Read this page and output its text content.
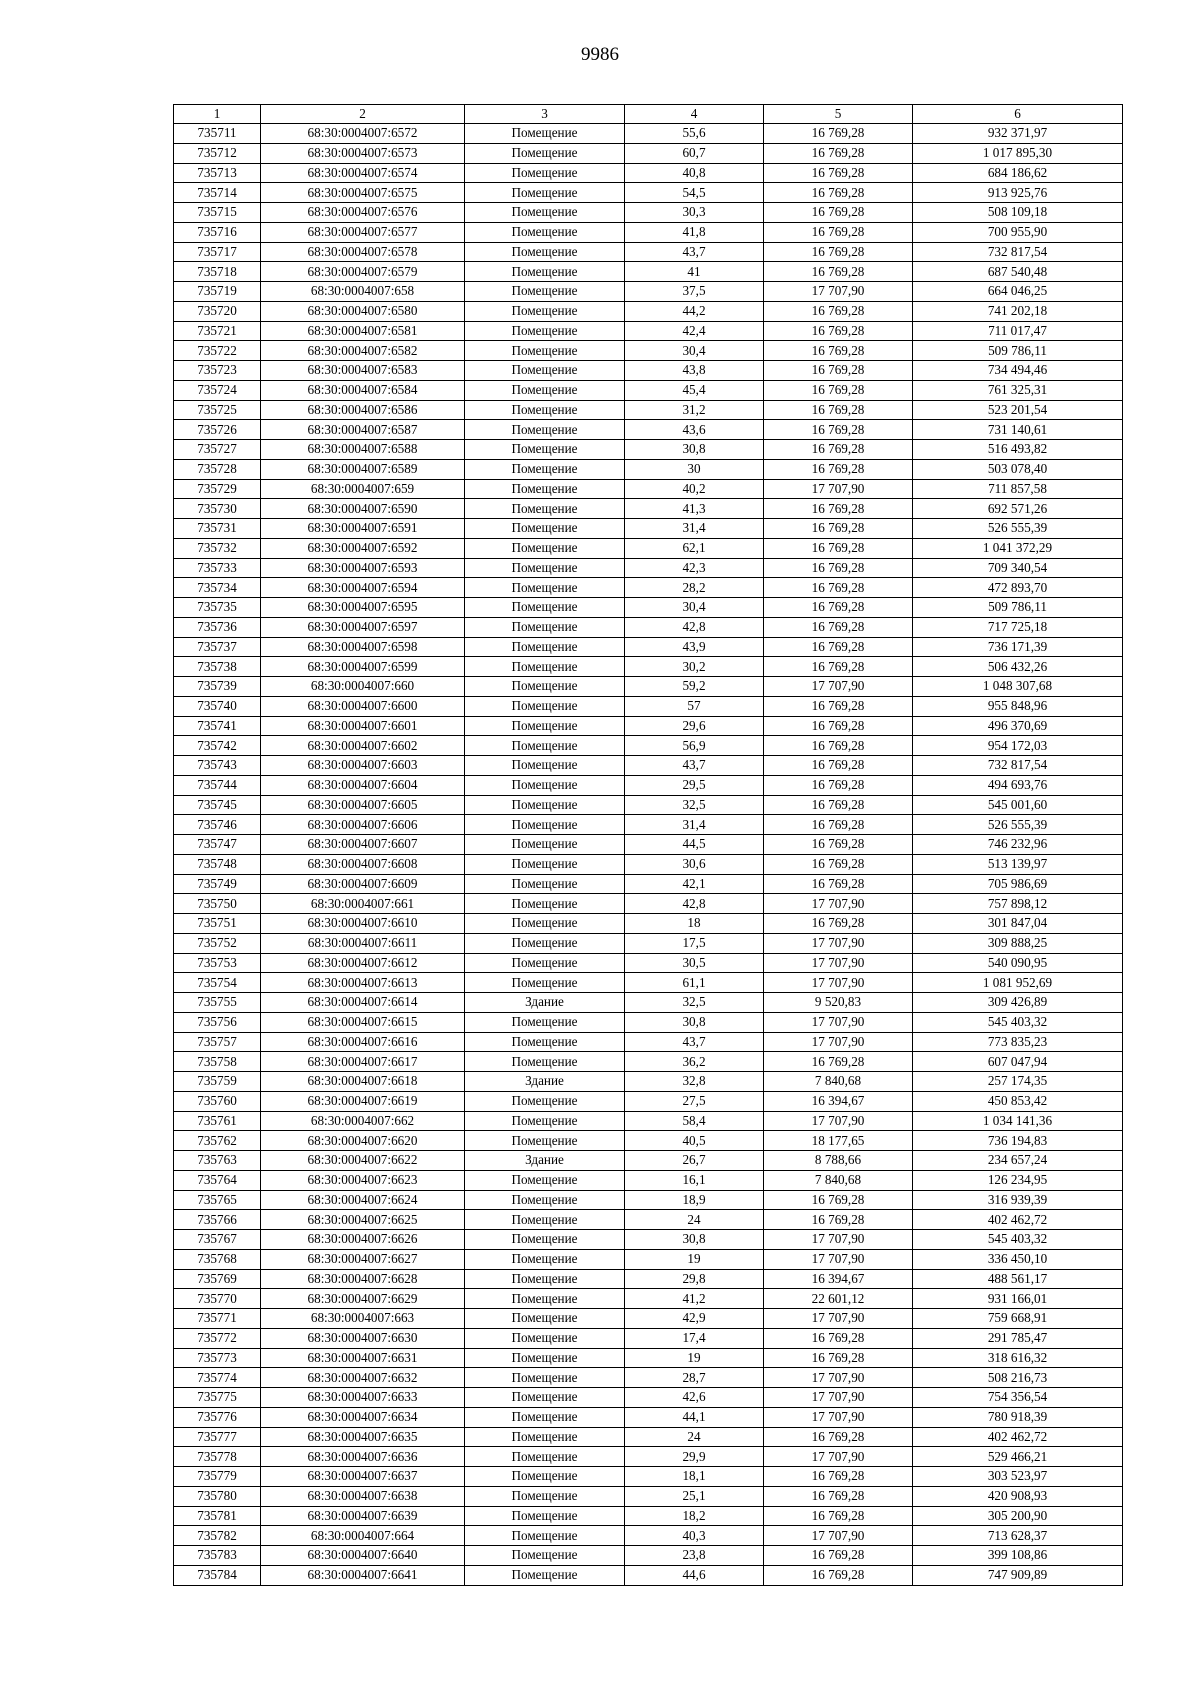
9986
1	2	3	4	5	6
735711	68:30:0004007:6572	Помещение	55,6	16 769,28	932 371,97
735712	68:30:0004007:6573	Помещение	60,7	16 769,28	1 017 895,30
735713	68:30:0004007:6574	Помещение	40,8	16 769,28	684 186,62
735714	68:30:0004007:6575	Помещение	54,5	16 769,28	913 925,76
735715	68:30:0004007:6576	Помещение	30,3	16 769,28	508 109,18
735716	68:30:0004007:6577	Помещение	41,8	16 769,28	700 955,90
735717	68:30:0004007:6578	Помещение	43,7	16 769,28	732 817,54
735718	68:30:0004007:6579	Помещение	41	16 769,28	687 540,48
735719	68:30:0004007:658	Помещение	37,5	17 707,90	664 046,25
735720	68:30:0004007:6580	Помещение	44,2	16 769,28	741 202,18
735721	68:30:0004007:6581	Помещение	42,4	16 769,28	711 017,47
735722	68:30:0004007:6582	Помещение	30,4	16 769,28	509 786,11
735723	68:30:0004007:6583	Помещение	43,8	16 769,28	734 494,46
735724	68:30:0004007:6584	Помещение	45,4	16 769,28	761 325,31
735725	68:30:0004007:6586	Помещение	31,2	16 769,28	523 201,54
735726	68:30:0004007:6587	Помещение	43,6	16 769,28	731 140,61
735727	68:30:0004007:6588	Помещение	30,8	16 769,28	516 493,82
735728	68:30:0004007:6589	Помещение	30	16 769,28	503 078,40
735729	68:30:0004007:659	Помещение	40,2	17 707,90	711 857,58
735730	68:30:0004007:6590	Помещение	41,3	16 769,28	692 571,26
735731	68:30:0004007:6591	Помещение	31,4	16 769,28	526 555,39
735732	68:30:0004007:6592	Помещение	62,1	16 769,28	1 041 372,29
735733	68:30:0004007:6593	Помещение	42,3	16 769,28	709 340,54
735734	68:30:0004007:6594	Помещение	28,2	16 769,28	472 893,70
735735	68:30:0004007:6595	Помещение	30,4	16 769,28	509 786,11
735736	68:30:0004007:6597	Помещение	42,8	16 769,28	717 725,18
735737	68:30:0004007:6598	Помещение	43,9	16 769,28	736 171,39
735738	68:30:0004007:6599	Помещение	30,2	16 769,28	506 432,26
735739	68:30:0004007:660	Помещение	59,2	17 707,90	1 048 307,68
735740	68:30:0004007:6600	Помещение	57	16 769,28	955 848,96
735741	68:30:0004007:6601	Помещение	29,6	16 769,28	496 370,69
735742	68:30:0004007:6602	Помещение	56,9	16 769,28	954 172,03
735743	68:30:0004007:6603	Помещение	43,7	16 769,28	732 817,54
735744	68:30:0004007:6604	Помещение	29,5	16 769,28	494 693,76
735745	68:30:0004007:6605	Помещение	32,5	16 769,28	545 001,60
735746	68:30:0004007:6606	Помещение	31,4	16 769,28	526 555,39
735747	68:30:0004007:6607	Помещение	44,5	16 769,28	746 232,96
735748	68:30:0004007:6608	Помещение	30,6	16 769,28	513 139,97
735749	68:30:0004007:6609	Помещение	42,1	16 769,28	705 986,69
735750	68:30:0004007:661	Помещение	42,8	17 707,90	757 898,12
735751	68:30:0004007:6610	Помещение	18	16 769,28	301 847,04
735752	68:30:0004007:6611	Помещение	17,5	17 707,90	309 888,25
735753	68:30:0004007:6612	Помещение	30,5	17 707,90	540 090,95
735754	68:30:0004007:6613	Помещение	61,1	17 707,90	1 081 952,69
735755	68:30:0004007:6614	Здание	32,5	9 520,83	309 426,89
735756	68:30:0004007:6615	Помещение	30,8	17 707,90	545 403,32
735757	68:30:0004007:6616	Помещение	43,7	17 707,90	773 835,23
735758	68:30:0004007:6617	Помещение	36,2	16 769,28	607 047,94
735759	68:30:0004007:6618	Здание	32,8	7 840,68	257 174,35
735760	68:30:0004007:6619	Помещение	27,5	16 394,67	450 853,42
735761	68:30:0004007:662	Помещение	58,4	17 707,90	1 034 141,36
735762	68:30:0004007:6620	Помещение	40,5	18 177,65	736 194,83
735763	68:30:0004007:6622	Здание	26,7	8 788,66	234 657,24
735764	68:30:0004007:6623	Помещение	16,1	7 840,68	126 234,95
735765	68:30:0004007:6624	Помещение	18,9	16 769,28	316 939,39
735766	68:30:0004007:6625	Помещение	24	16 769,28	402 462,72
735767	68:30:0004007:6626	Помещение	30,8	17 707,90	545 403,32
735768	68:30:0004007:6627	Помещение	19	17 707,90	336 450,10
735769	68:30:0004007:6628	Помещение	29,8	16 394,67	488 561,17
735770	68:30:0004007:6629	Помещение	41,2	22 601,12	931 166,01
735771	68:30:0004007:663	Помещение	42,9	17 707,90	759 668,91
735772	68:30:0004007:6630	Помещение	17,4	16 769,28	291 785,47
735773	68:30:0004007:6631	Помещение	19	16 769,28	318 616,32
735774	68:30:0004007:6632	Помещение	28,7	17 707,90	508 216,73
735775	68:30:0004007:6633	Помещение	42,6	17 707,90	754 356,54
735776	68:30:0004007:6634	Помещение	44,1	17 707,90	780 918,39
735777	68:30:0004007:6635	Помещение	24	16 769,28	402 462,72
735778	68:30:0004007:6636	Помещение	29,9	17 707,90	529 466,21
735779	68:30:0004007:6637	Помещение	18,1	16 769,28	303 523,97
735780	68:30:0004007:6638	Помещение	25,1	16 769,28	420 908,93
735781	68:30:0004007:6639	Помещение	18,2	16 769,28	305 200,90
735782	68:30:0004007:664	Помещение	40,3	17 707,90	713 628,37
735783	68:30:0004007:6640	Помещение	23,8	16 769,28	399 108,86
735784	68:30:0004007:6641	Помещение	44,6	16 769,28	747 909,89
